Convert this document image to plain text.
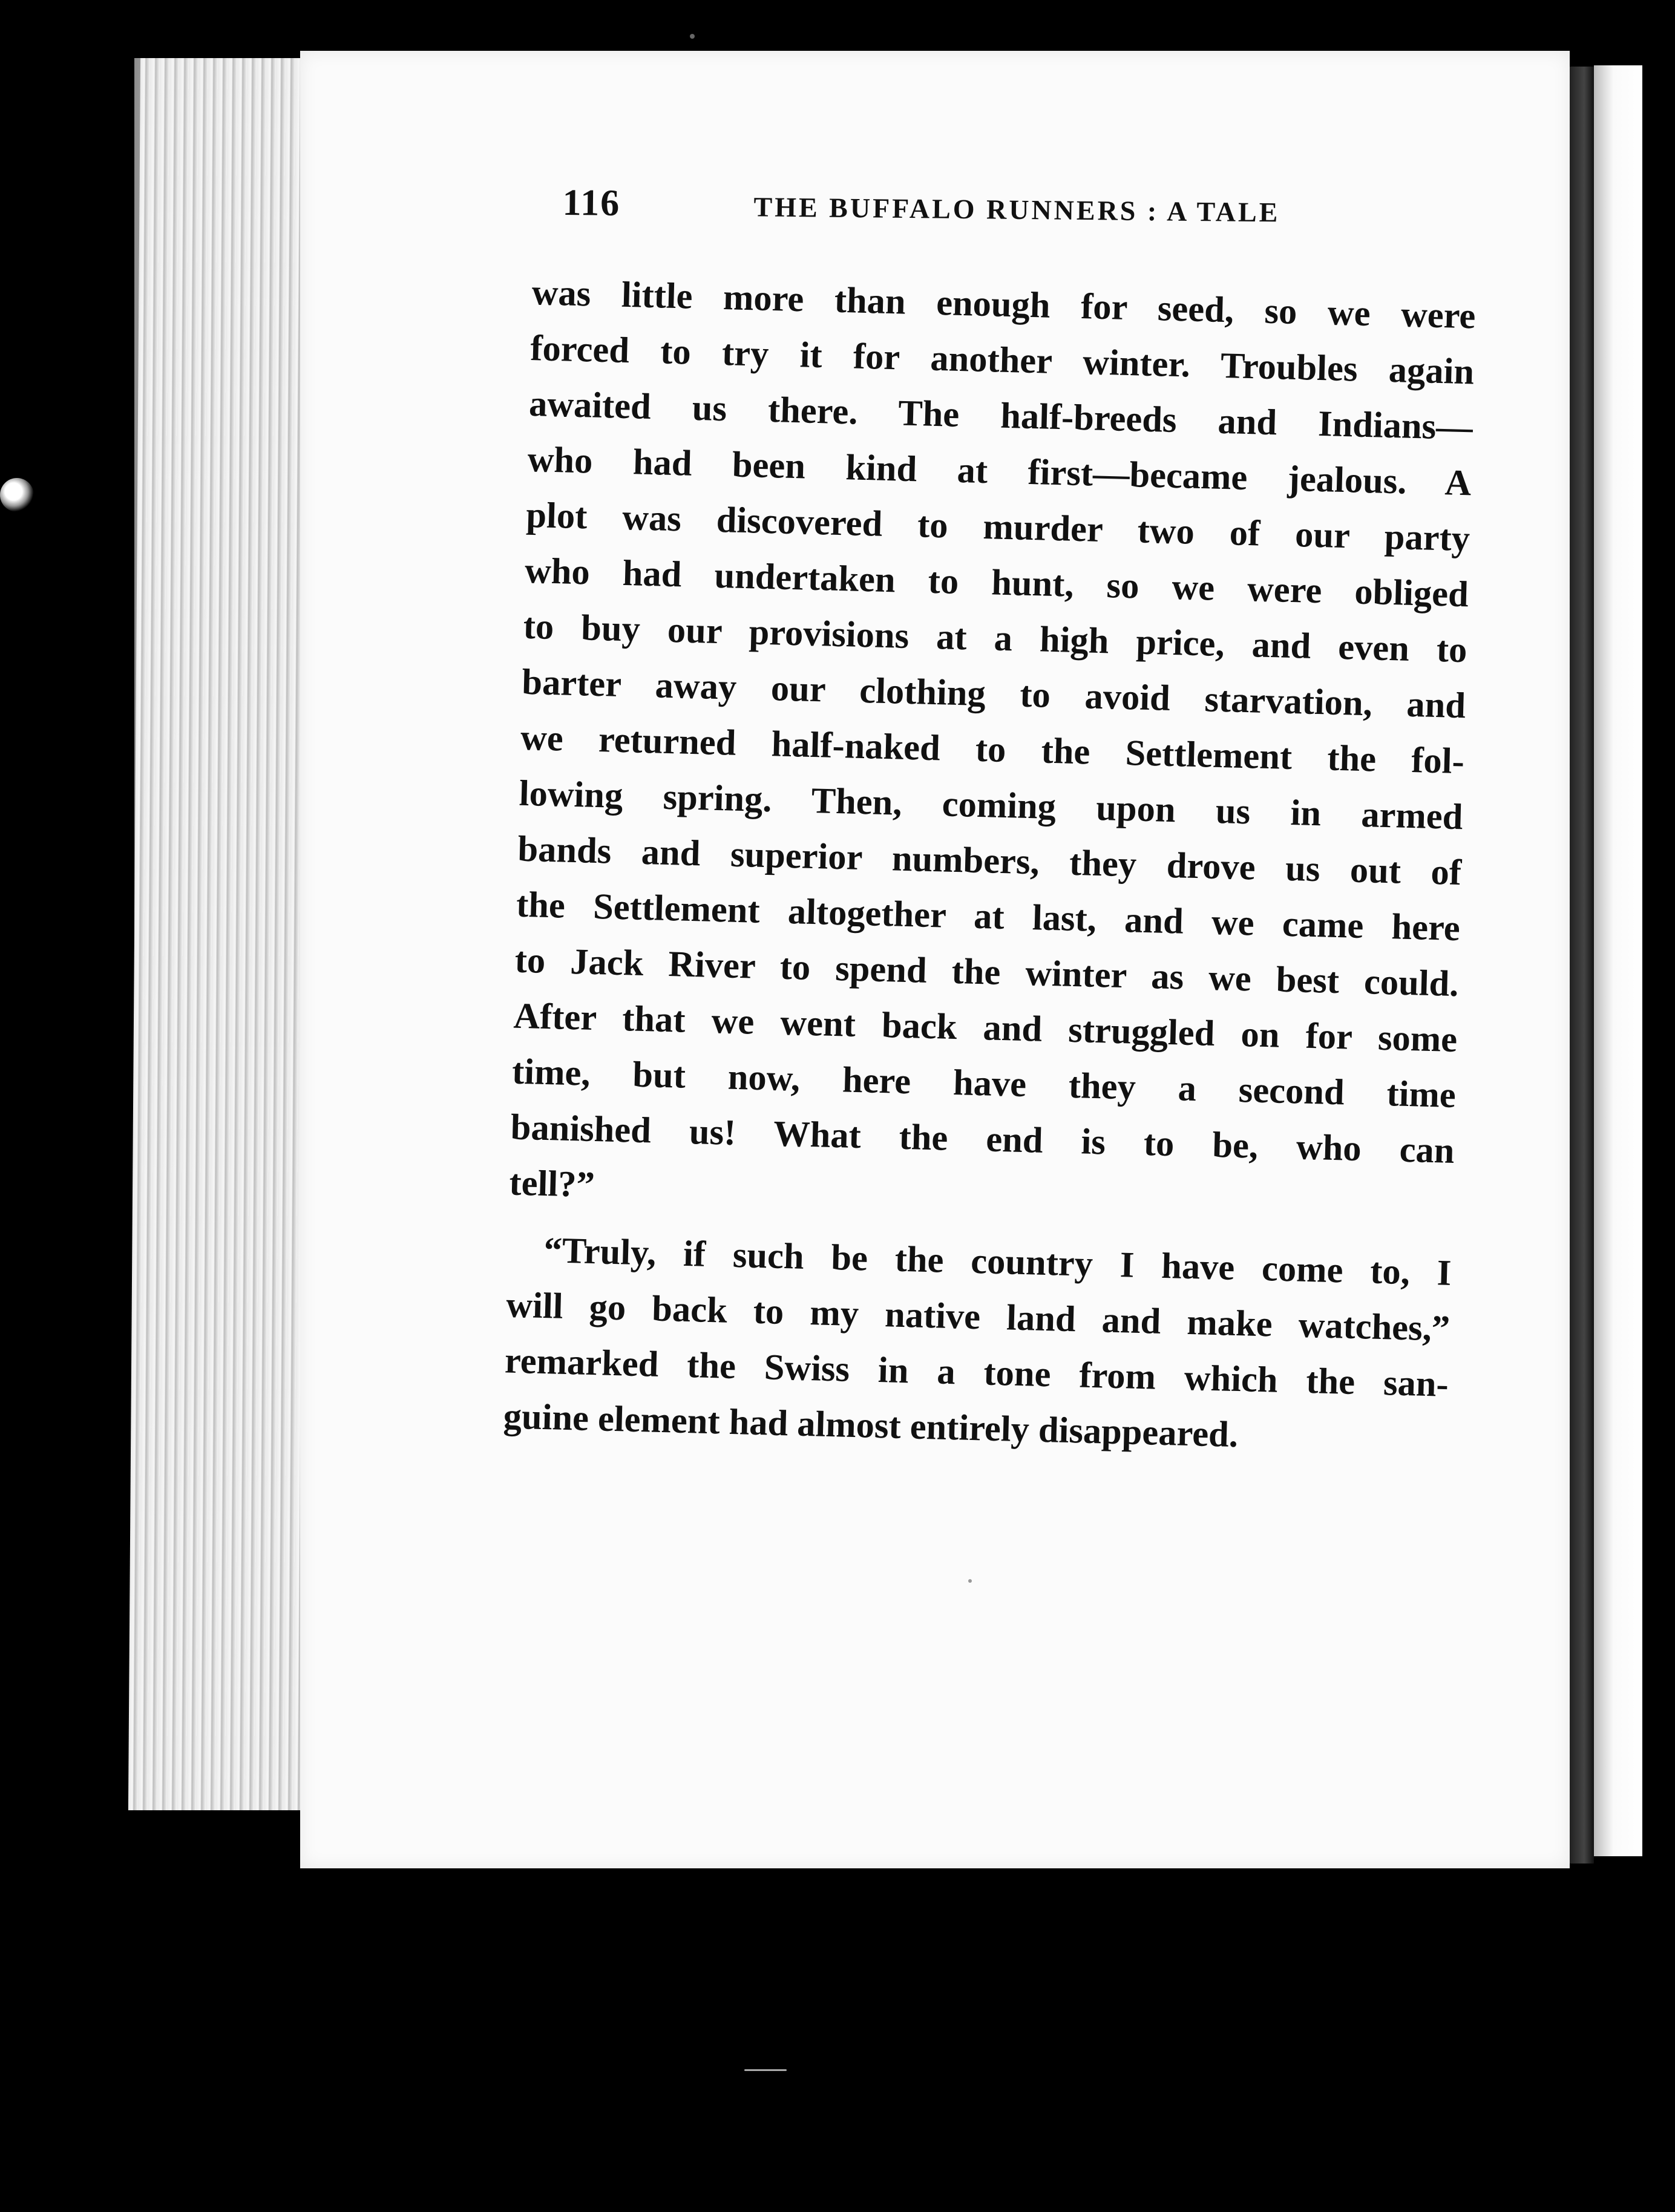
116	THE BUFFALO RUNNERS : A TALE
was little more than enough for seed, so we were
forced to try it for another winter. Troubles again
awaited us there. The half-breeds and Indians—
who had been kind at first—became jealous. A
plot was discovered to murder two of our party
who had undertaken to hunt, so we were obliged
to buy our provisions at a high price, and even to
barter away our clothing to avoid starvation, and
we returned half-naked to the Settlement the fol-
lowing spring. Then, coming upon us in armed
bands and superior numbers, they drove us out of
the Settlement altogether at last, and we came here
to Jack River to spend the winter as we best could.
After that we went back and struggled on for some
time, but now, here have they a second time
banished us! What the end is to be, who can
tell?”
“Truly, if such be the country I have come to, I
will go back to my native land and make watches,”
remarked the Swiss in a tone from which the san-
guine element had almost entirely disappeared.
